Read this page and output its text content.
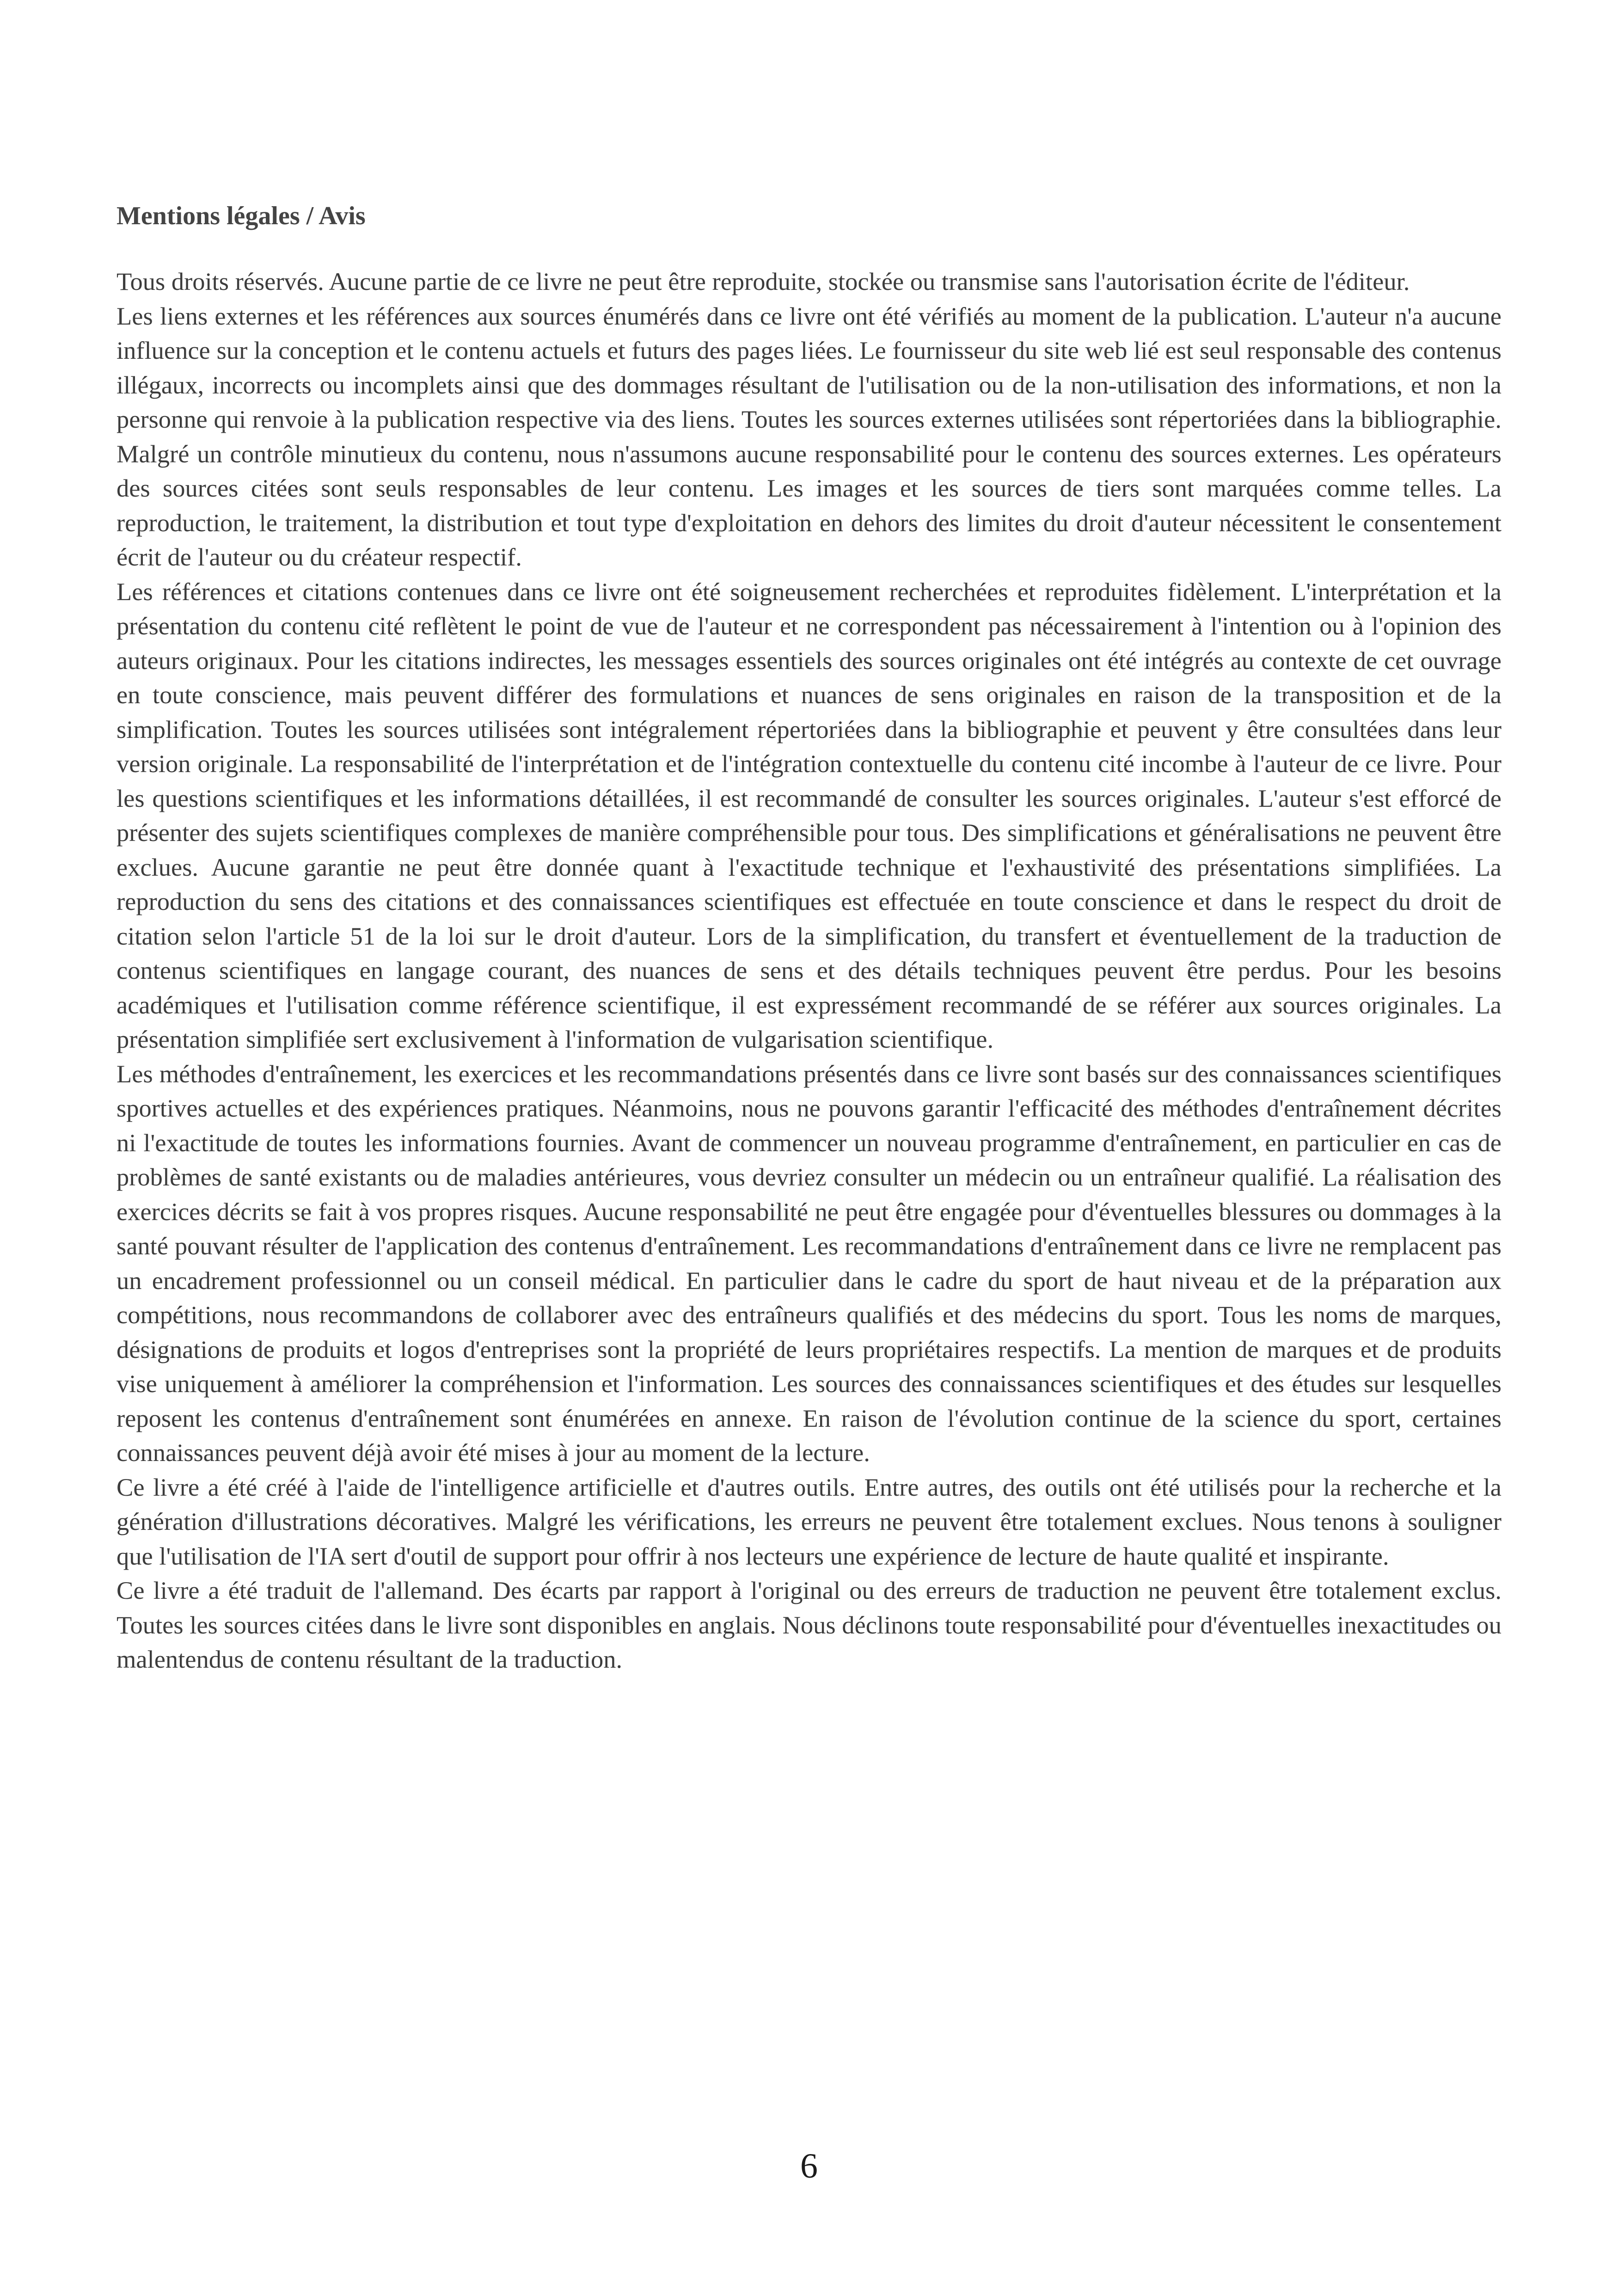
Mentions légales / Avis

Tous droits réservés. Aucune partie de ce livre ne peut être reproduite, stockée ou transmise sans l'autorisation écrite de l'éditeur.

Les liens externes et les références aux sources énumérés dans ce livre ont été vérifiés au moment de la publication. L'auteur n'a aucune influence sur la conception et le contenu actuels et futurs des pages liées. Le fournisseur du site web lié est seul responsable des contenus illégaux, incorrects ou incomplets ainsi que des dommages résultant de l'utilisation ou de la non-utilisation des informations, et non la personne qui renvoie à la publication respective via des liens. Toutes les sources externes utilisées sont répertoriées dans la bibliographie. Malgré un contrôle minutieux du contenu, nous n'assumons aucune responsabilité pour le contenu des sources externes. Les opérateurs des sources citées sont seuls responsables de leur contenu. Les images et les sources de tiers sont marquées comme telles. La reproduction, le traitement, la distribution et tout type d'exploitation en dehors des limites du droit d'auteur nécessitent le consentement écrit de l'auteur ou du créateur respectif.

Les références et citations contenues dans ce livre ont été soigneusement recherchées et reproduites fidèlement. L'interprétation et la présentation du contenu cité reflètent le point de vue de l'auteur et ne correspondent pas nécessairement à l'intention ou à l'opinion des auteurs originaux. Pour les citations indirectes, les messages essentiels des sources originales ont été intégrés au contexte de cet ouvrage en toute conscience, mais peuvent différer des formulations et nuances de sens originales en raison de la transposition et de la simplification. Toutes les sources utilisées sont intégralement répertoriées dans la bibliographie et peuvent y être consultées dans leur version originale. La responsabilité de l'interprétation et de l'intégration contextuelle du contenu cité incombe à l'auteur de ce livre. Pour les questions scientifiques et les informations détaillées, il est recommandé de consulter les sources originales. L'auteur s'est efforcé de présenter des sujets scientifiques complexes de manière compréhensible pour tous. Des simplifications et généralisations ne peuvent être exclues. Aucune garantie ne peut être donnée quant à l'exactitude technique et l'exhaustivité des présentations simplifiées. La reproduction du sens des citations et des connaissances scientifiques est effectuée en toute conscience et dans le respect du droit de citation selon l'article 51 de la loi sur le droit d'auteur. Lors de la simplification, du transfert et éventuellement de la traduction de contenus scientifiques en langage courant, des nuances de sens et des détails techniques peuvent être perdus. Pour les besoins académiques et l'utilisation comme référence scientifique, il est expressément recommandé de se référer aux sources originales. La présentation simplifiée sert exclusivement à l'information de vulgarisation scientifique.

Les méthodes d'entraînement, les exercices et les recommandations présentés dans ce livre sont basés sur des connaissances scientifiques sportives actuelles et des expériences pratiques. Néanmoins, nous ne pouvons garantir l'efficacité des méthodes d'entraînement décrites ni l'exactitude de toutes les informations fournies. Avant de commencer un nouveau programme d'entraînement, en particulier en cas de problèmes de santé existants ou de maladies antérieures, vous devriez consulter un médecin ou un entraîneur qualifié. La réalisation des exercices décrits se fait à vos propres risques. Aucune responsabilité ne peut être engagée pour d'éventuelles blessures ou dommages à la santé pouvant résulter de l'application des contenus d'entraînement. Les recommandations d'entraînement dans ce livre ne remplacent pas un encadrement professionnel ou un conseil médical. En particulier dans le cadre du sport de haut niveau et de la préparation aux compétitions, nous recommandons de collaborer avec des entraîneurs qualifiés et des médecins du sport. Tous les noms de marques, désignations de produits et logos d'entreprises sont la propriété de leurs propriétaires respectifs. La mention de marques et de produits vise uniquement à améliorer la compréhension et l'information. Les sources des connaissances scientifiques et des études sur lesquelles reposent les contenus d'entraînement sont énumérées en annexe. En raison de l'évolution continue de la science du sport, certaines connaissances peuvent déjà avoir été mises à jour au moment de la lecture.

Ce livre a été créé à l'aide de l'intelligence artificielle et d'autres outils. Entre autres, des outils ont été utilisés pour la recherche et la génération d'illustrations décoratives. Malgré les vérifications, les erreurs ne peuvent être totalement exclues. Nous tenons à souligner que l'utilisation de l'IA sert d'outil de support pour offrir à nos lecteurs une expérience de lecture de haute qualité et inspirante.

Ce livre a été traduit de l'allemand. Des écarts par rapport à l'original ou des erreurs de traduction ne peuvent être totalement exclus. Toutes les sources citées dans le livre sont disponibles en anglais. Nous déclinons toute responsabilité pour d'éventuelles inexactitudes ou malentendus de contenu résultant de la traduction.

6
